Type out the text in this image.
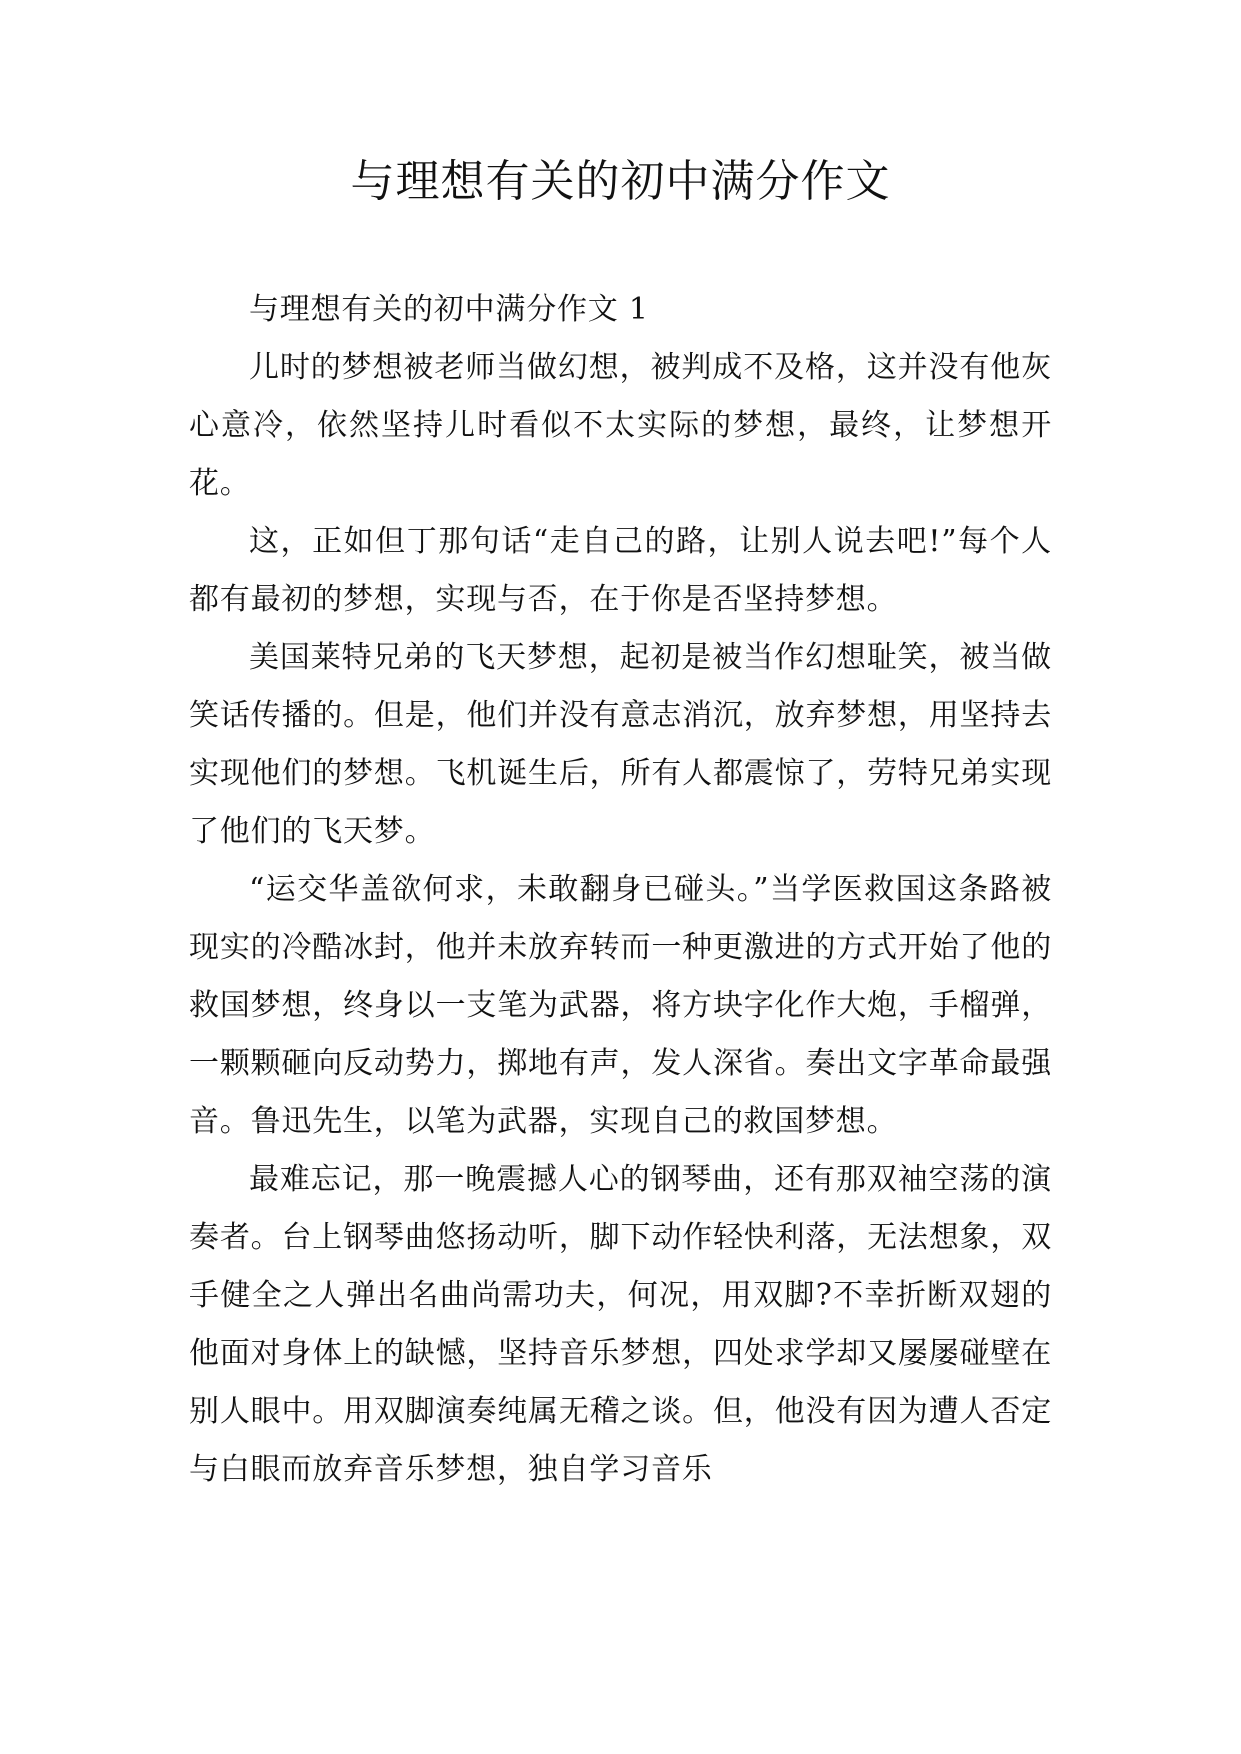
与理想有关的初中满分作文

与理想有关的初中满分作文 1

儿时的梦想被老师当做幻想，被判成不及格，这并没有他灰心意冷，依然坚持儿时看似不太实际的梦想，最终，让梦想开花。

这，正如但丁那句话“走自己的路，让别人说去吧!”每个人都有最初的梦想，实现与否，在于你是否坚持梦想。

美国莱特兄弟的飞天梦想，起初是被当作幻想耻笑，被当做笑话传播的。但是，他们并没有意志消沉，放弃梦想，用坚持去实现他们的梦想。飞机诞生后，所有人都震惊了，劳特兄弟实现了他们的飞天梦。

“运交华盖欲何求，未敢翻身已碰头。”当学医救国这条路被现实的冷酷冰封，他并未放弃转而一种更激进的方式开始了他的救国梦想，终身以一支笔为武器，将方块字化作大炮，手榴弹，一颗颗砸向反动势力，掷地有声，发人深省。奏出文字革命最强音。鲁迅先生，以笔为武器，实现自己的救国梦想。

最难忘记，那一晚震撼人心的钢琴曲，还有那双袖空荡的演奏者。台上钢琴曲悠扬动听，脚下动作轻快利落，无法想象，双手健全之人弹出名曲尚需功夫，何况，用双脚?不幸折断双翅的他面对身体上的缺憾，坚持音乐梦想，四处求学却又屡屡碰壁在别人眼中。用双脚演奏纯属无稽之谈。但，他没有因为遭人否定与白眼而放弃音乐梦想，独自学习音乐
